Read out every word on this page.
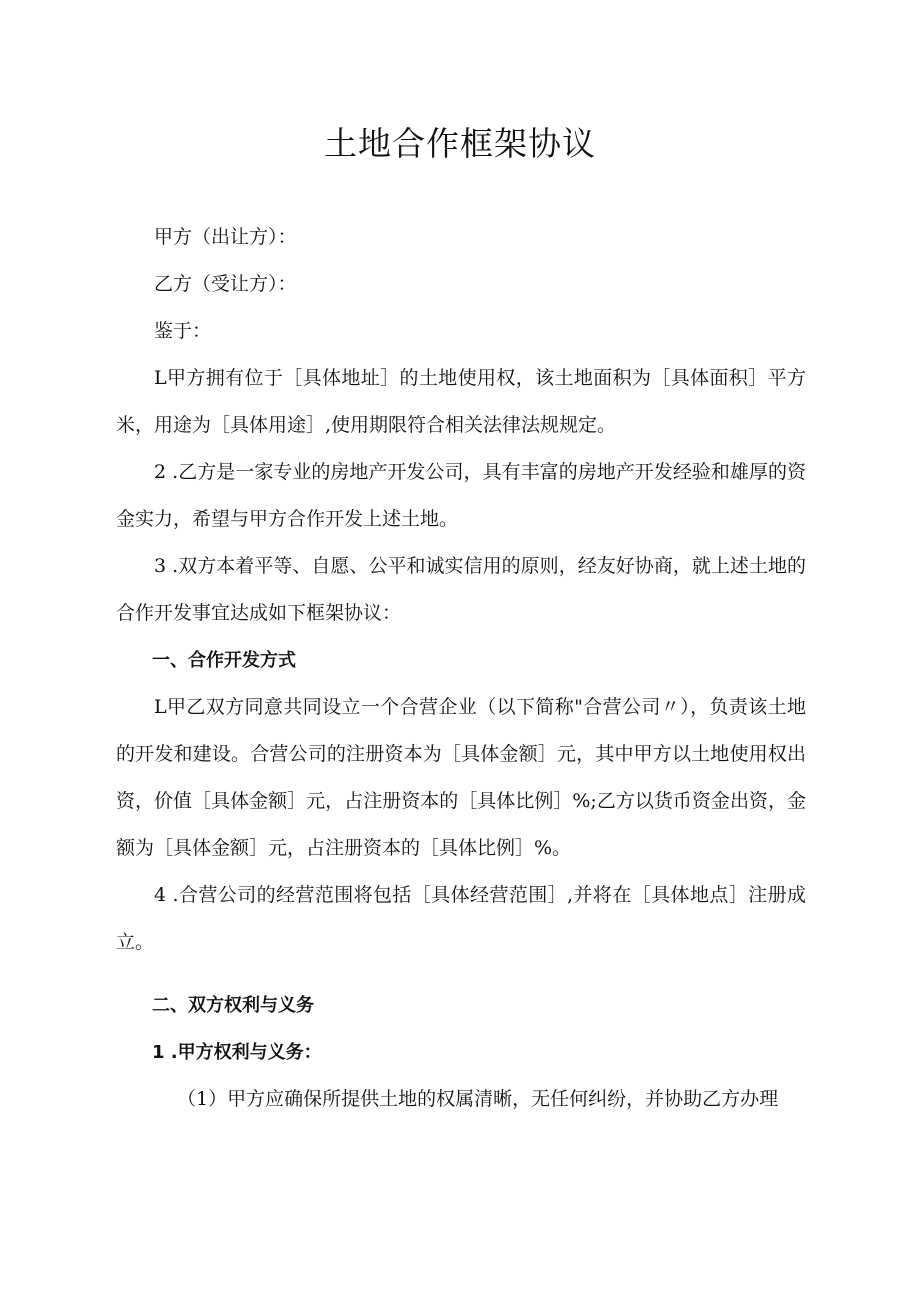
土地合作框架协议

甲方（出让方）：

乙方（受让方）：

鉴于：

L甲方拥有位于［具体地址］的土地使用权，该土地面积为［具体面积］平方米，用途为［具体用途］,使用期限符合相关法律法规规定。

2 .乙方是一家专业的房地产开发公司，具有丰富的房地产开发经验和雄厚的资金实力，希望与甲方合作开发上述土地。

3 .双方本着平等、自愿、公平和诚实信用的原则，经友好协商，就上述土地的合作开发事宜达成如下框架协议：

一、合作开发方式

L甲乙双方同意共同设立一个合营企业（以下简称"合营公司〃），负责该土地的开发和建设。合营公司的注册资本为［具体金额］元，其中甲方以土地使用权出资，价值［具体金额］元，占注册资本的［具体比例］%;乙方以货币资金出资，金额为［具体金额］元，占注册资本的［具体比例］%。

4 .合营公司的经营范围将包括［具体经营范围］,并将在［具体地点］注册成立。

二、双方权利与义务

1 .甲方权利与义务：

（1）甲方应确保所提供土地的权属清晰，无任何纠纷，并协助乙方办理
